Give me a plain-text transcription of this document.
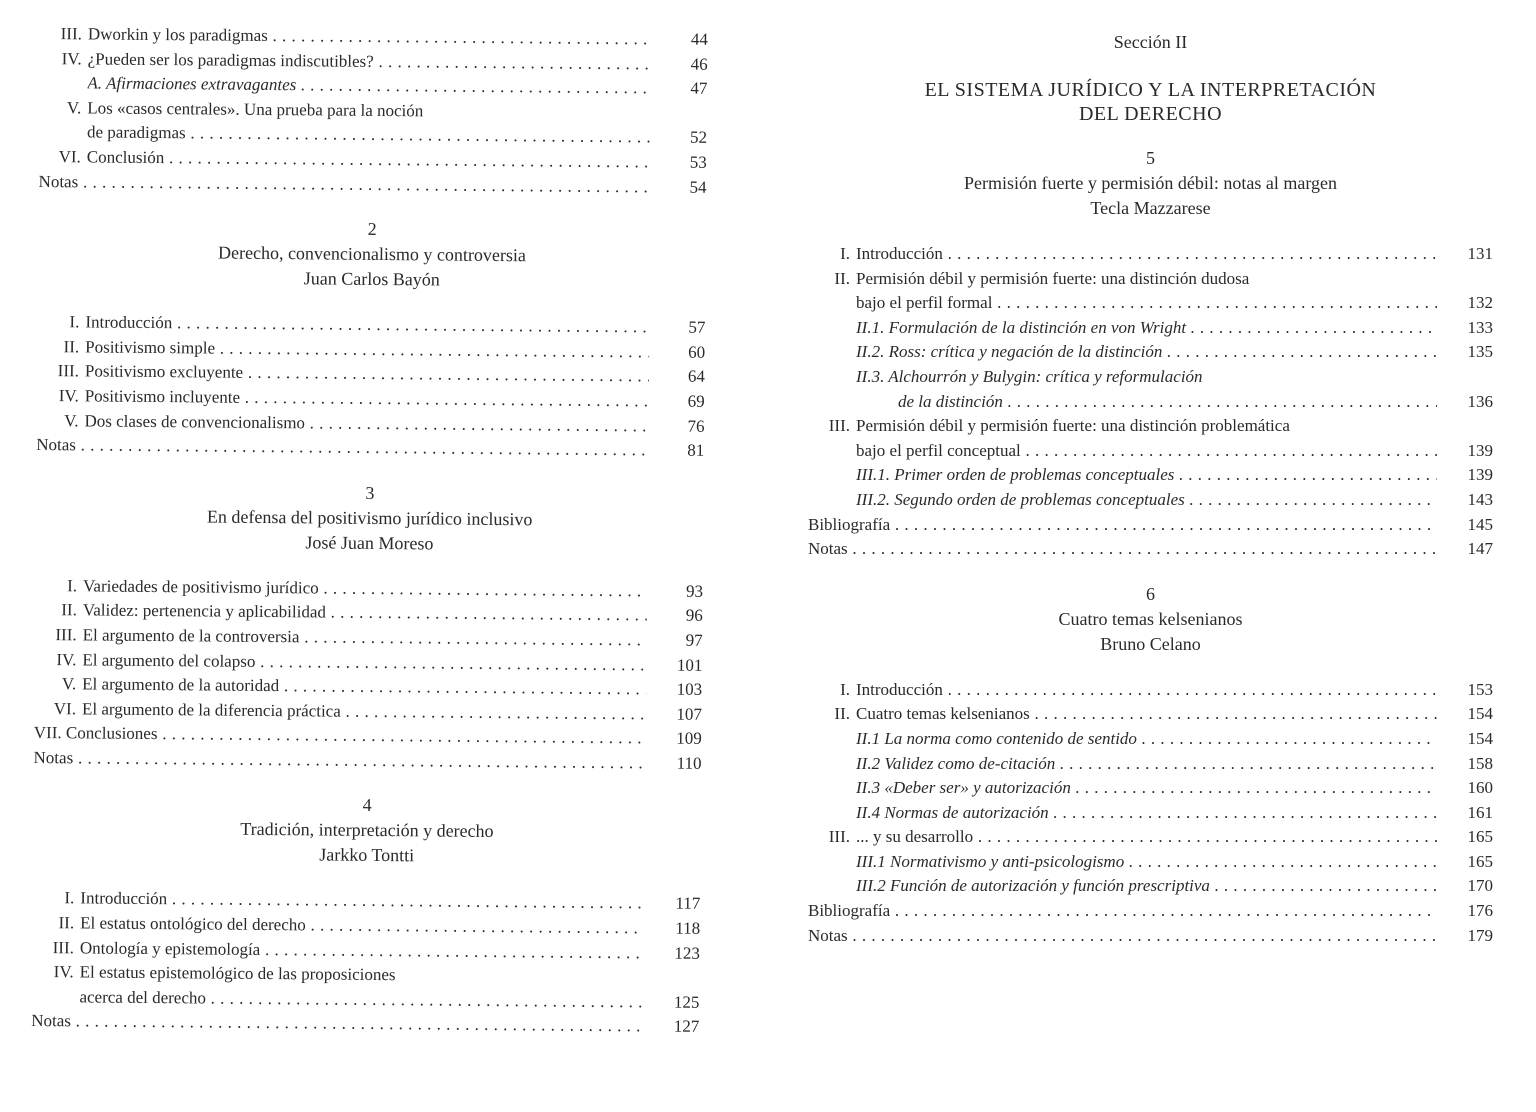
III. Dworkin y los paradigmas . . .	44
IV. ¿Pueden ser los paradigmas indiscutibles? . . .	46
A. Afirmaciones extravagantes . . .	47
V. Los «casos centrales». Una prueba para la noción
de paradigmas . . .	52
VI. Conclusión . . .	53
Notas . . .	54
2
Derecho, convencionalismo y controversia
Juan Carlos Bayón
I. Introducción . . .	57
II. Positivismo simple . . .	60
III. Positivismo excluyente . . .	64
IV. Positivismo incluyente . . .	69
V. Dos clases de convencionalismo . . .	76
Notas . . .	81
3
En defensa del positivismo jurídico inclusivo
José Juan Moreso
I. Variedades de positivismo jurídico . . .	93
II. Validez: pertenencia y aplicabilidad . . .	96
III. El argumento de la controversia . . .	97
IV. El argumento del colapso . . .	101
V. El argumento de la autoridad . . .	103
VI. El argumento de la diferencia práctica . . .	107
VII. Conclusiones . . .	109
Notas . . .	110
4
Tradición, interpretación y derecho
Jarkko Tontti
I. Introducción . . .	117
II. El estatus ontológico del derecho . . .	118
III. Ontología y epistemología . . .	123
IV. El estatus epistemológico de las proposiciones
acerca del derecho . . .	125
Notas . . .	127
Sección II
EL SISTEMA JURÍDICO Y LA INTERPRETACIÓN
DEL DERECHO
5
Permisión fuerte y permisión débil: notas al margen
Tecla Mazzarese
I. Introducción . . .	131
II. Permisión débil y permisión fuerte: una distinción dudosa
bajo el perfil formal . . .	132
II.1. Formulación de la distinción en von Wright . . .	133
II.2. Ross: crítica y negación de la distinción . . .	135
II.3. Alchourrón y Bulygin: crítica y reformulación
de la distinción . . .	136
III. Permisión débil y permisión fuerte: una distinción problemática
bajo el perfil conceptual . . .	139
III.1. Primer orden de problemas conceptuales . . .	139
III.2. Segundo orden de problemas conceptuales . . .	143
Bibliografía . . .	145
Notas . . .	147
6
Cuatro temas kelsenianos
Bruno Celano
I. Introducción . . .	153
II. Cuatro temas kelsenianos . . .	154
II.1 La norma como contenido de sentido . . .	154
II.2 Validez como de-citación . . .	158
II.3 «Deber ser» y autorización . . .	160
II.4 Normas de autorización . . .	161
III. ... y su desarrollo . . .	165
III.1 Normativismo y anti-psicologismo . . .	165
III.2 Función de autorización y función prescriptiva . . .	170
Bibliografía . . .	176
Notas . . .	179
